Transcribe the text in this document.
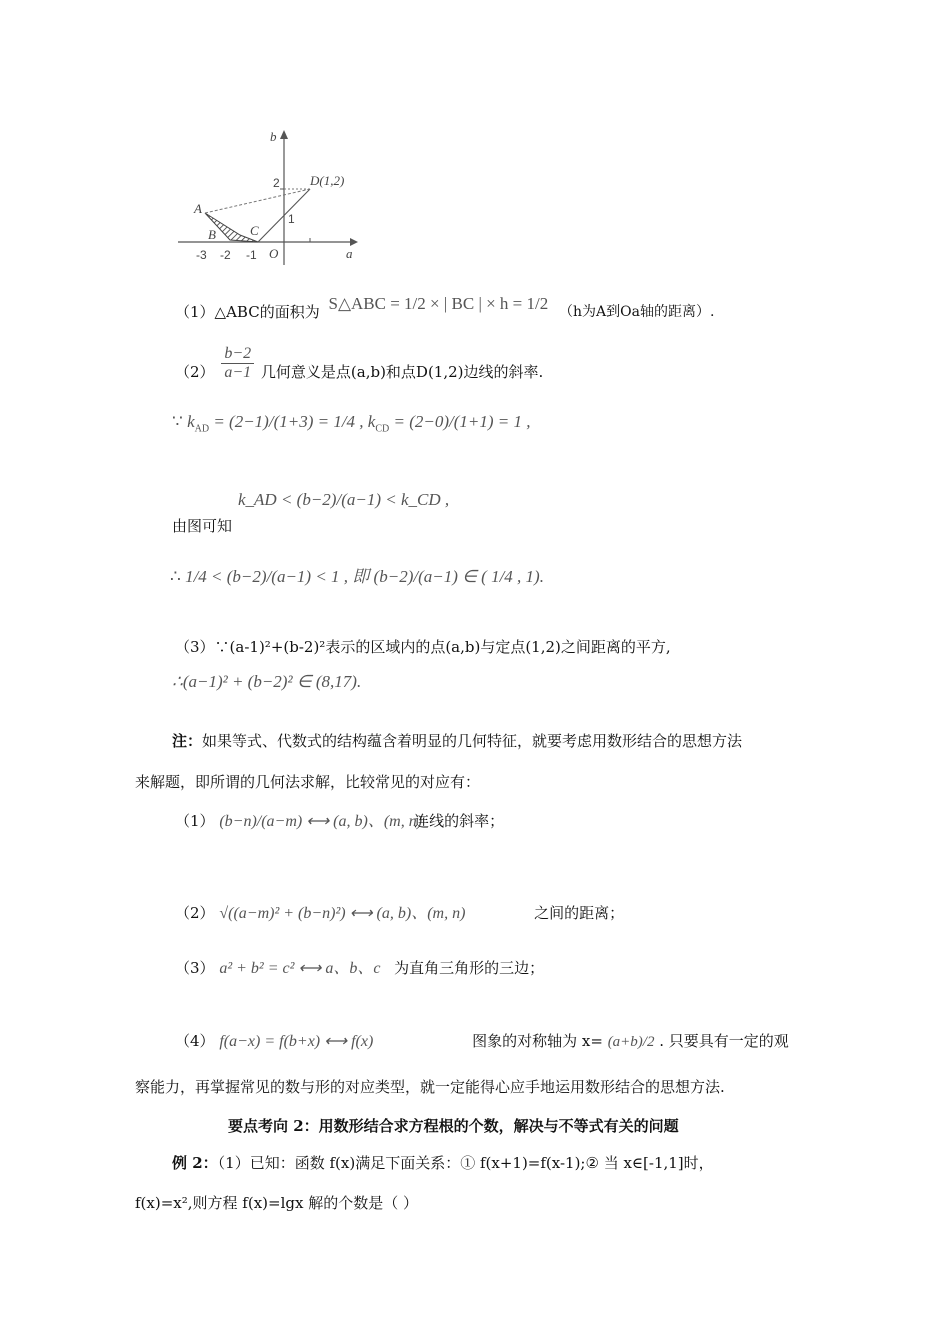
b
a
D(1,2)
2
1
A
B	C
O
-3 -2 -1
（1）△ABC的面积为 S△ABC = 1/2 × | BC | × h = 1/2 （h为A到Oa轴的距离）.
$(2) \frac{b-2}{a-1}$ 几何意义是点(a,b)和点D(1,2)边线的斜率.
∵ $k_{AD} = (2-1)/(1+3) = 1/4$ , $k_{CD} = (2-0)/(1+1) = 1$ ,
k_AD < (b−2)/(a−1) < k_CD ,
由图可知
∴ 1/4 < (b−2)/(a−1) < 1 , 即 (b−2)/(a−1) ∈ ( 1/4 , 1).
（3）∵(a-1)²+(b-2)²表示的区域内的点(a,b)与定点(1,2)之间距离的平方,
∴(a−1)² + (b−2)² ∈ (8,17).
注：如果等式、代数式的结构蕴含着明显的几何特征，就要考虑用数形结合的思想方法
来解题，即所谓的几何法求解，比较常见的对应有：
（1） (b−n)/(a−m) ⟷ (a, b)、(m, n) 连线的斜率；
（2） √((a−m)² + (b−n)²) ⟷ (a, b)、(m, n)	之间的距离；
（3） a² + b² = c² ⟷ a、b、c 为直角三角形的三边；
（4） f(a−x) = f(b+x) ⟷ f(x)	图象的对称轴为 x= (a+b)/2 . 只要具有一定的观
察能力，再掌握常见的数与形的对应类型，就一定能得心应手地运用数形结合的思想方法.
要点考向 2：用数形结合求方程根的个数，解决与不等式有关的问题
例 2：（1）已知：函数 f(x)满足下面关系：① f(x+1)=f(x-1);② 当 x∈[-1,1]时，
f(x)=x²,则方程 f(x)=lgx 解的个数是（ ）
